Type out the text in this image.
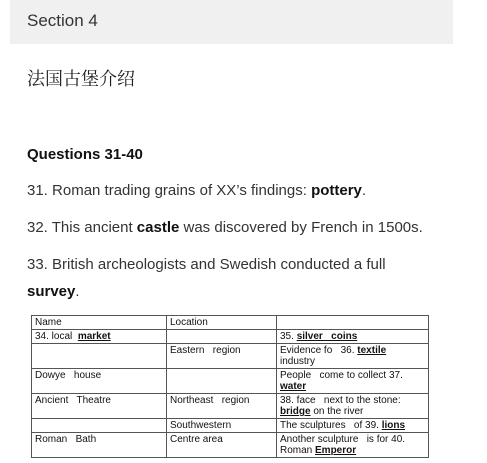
Section 4
法国古堡介绍
Questions 31-40
31. Roman trading grains of XX’s findings: pottery.
32. This ancient castle was discovered by French in 1500s.
33. British archeologists and Swedish conducted a full
survey.
Name	Location	
34. local  market		35. silver   coins
	Eastern   region	Evidence fo   36. textile
industry
Dowye   house		People   come to collect 37.
water
Ancient   Theatre	Northeast   region	38. face   next to the stone:
bridge on the river
	Southwestern	The sculptures   of 39. lions
Roman   Bath	Centre area	Another sculpture   is for 40.
Roman Emperor
